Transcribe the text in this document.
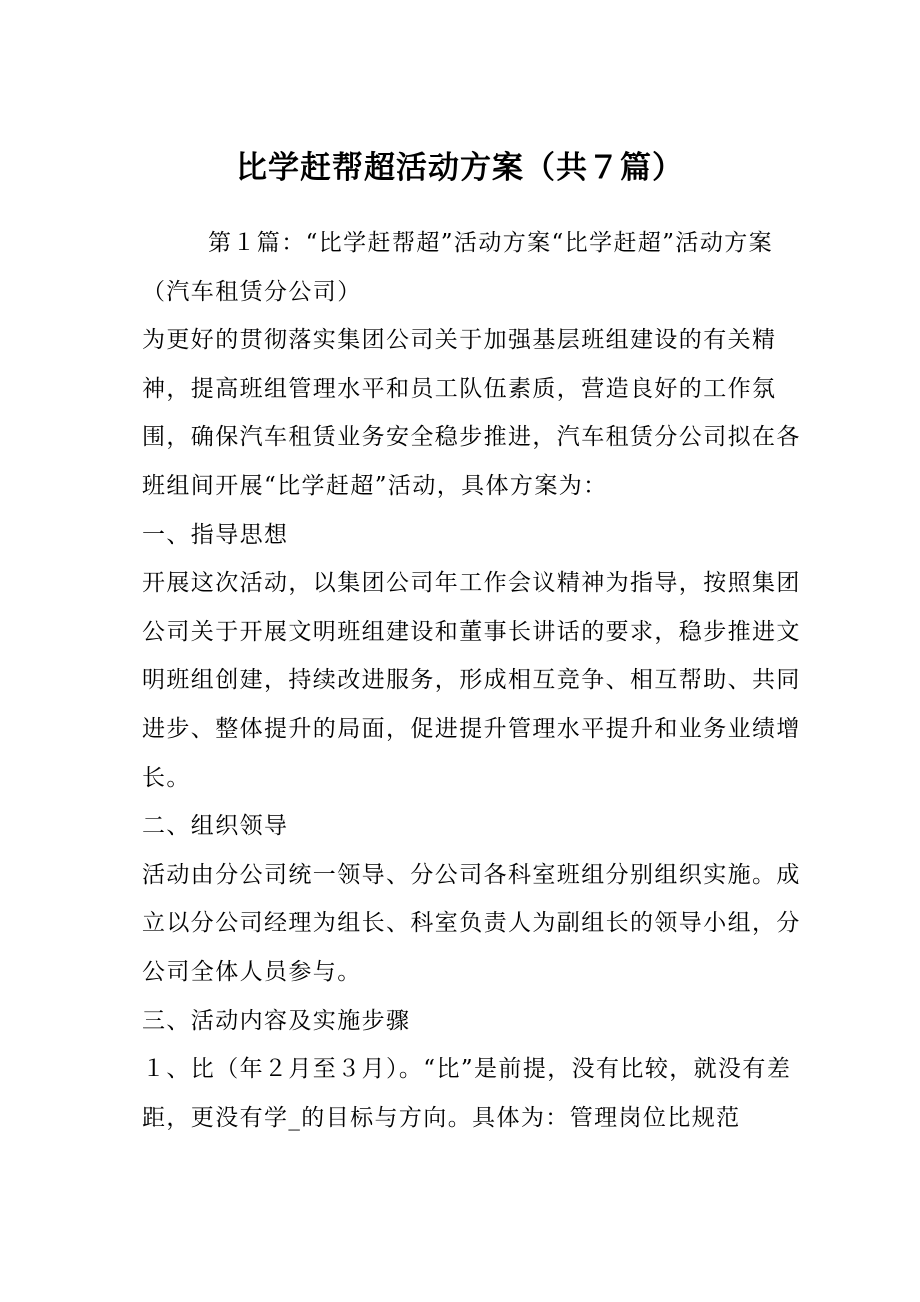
比学赶帮超活动方案（共７篇）

第１篇：“比学赶帮超”活动方案“比学赶超”活动方案

（汽车租赁分公司）

为更好的贯彻落实集团公司关于加强基层班组建设的有关精神，提高班组管理水平和员工队伍素质，营造良好的工作氛围，确保汽车租赁业务安全稳步推进，汽车租赁分公司拟在各班组间开展“比学赶超”活动，具体方案为：

一、指导思想

开展这次活动，以集团公司年工作会议精神为指导，按照集团公司关于开展文明班组建设和董事长讲话的要求，稳步推进文明班组创建，持续改进服务，形成相互竞争、相互帮助、共同进步、整体提升的局面，促进提升管理水平提升和业务业绩增长。

二、组织领导

活动由分公司统一领导、分公司各科室班组分别组织实施。成立以分公司经理为组长、科室负责人为副组长的领导小组，分公司全体人员参与。

三、活动内容及实施步骤

１、比（年２月至３月）。“比”是前提，没有比较，就没有差距，更没有学_的目标与方向。具体为：管理岗位比规范
